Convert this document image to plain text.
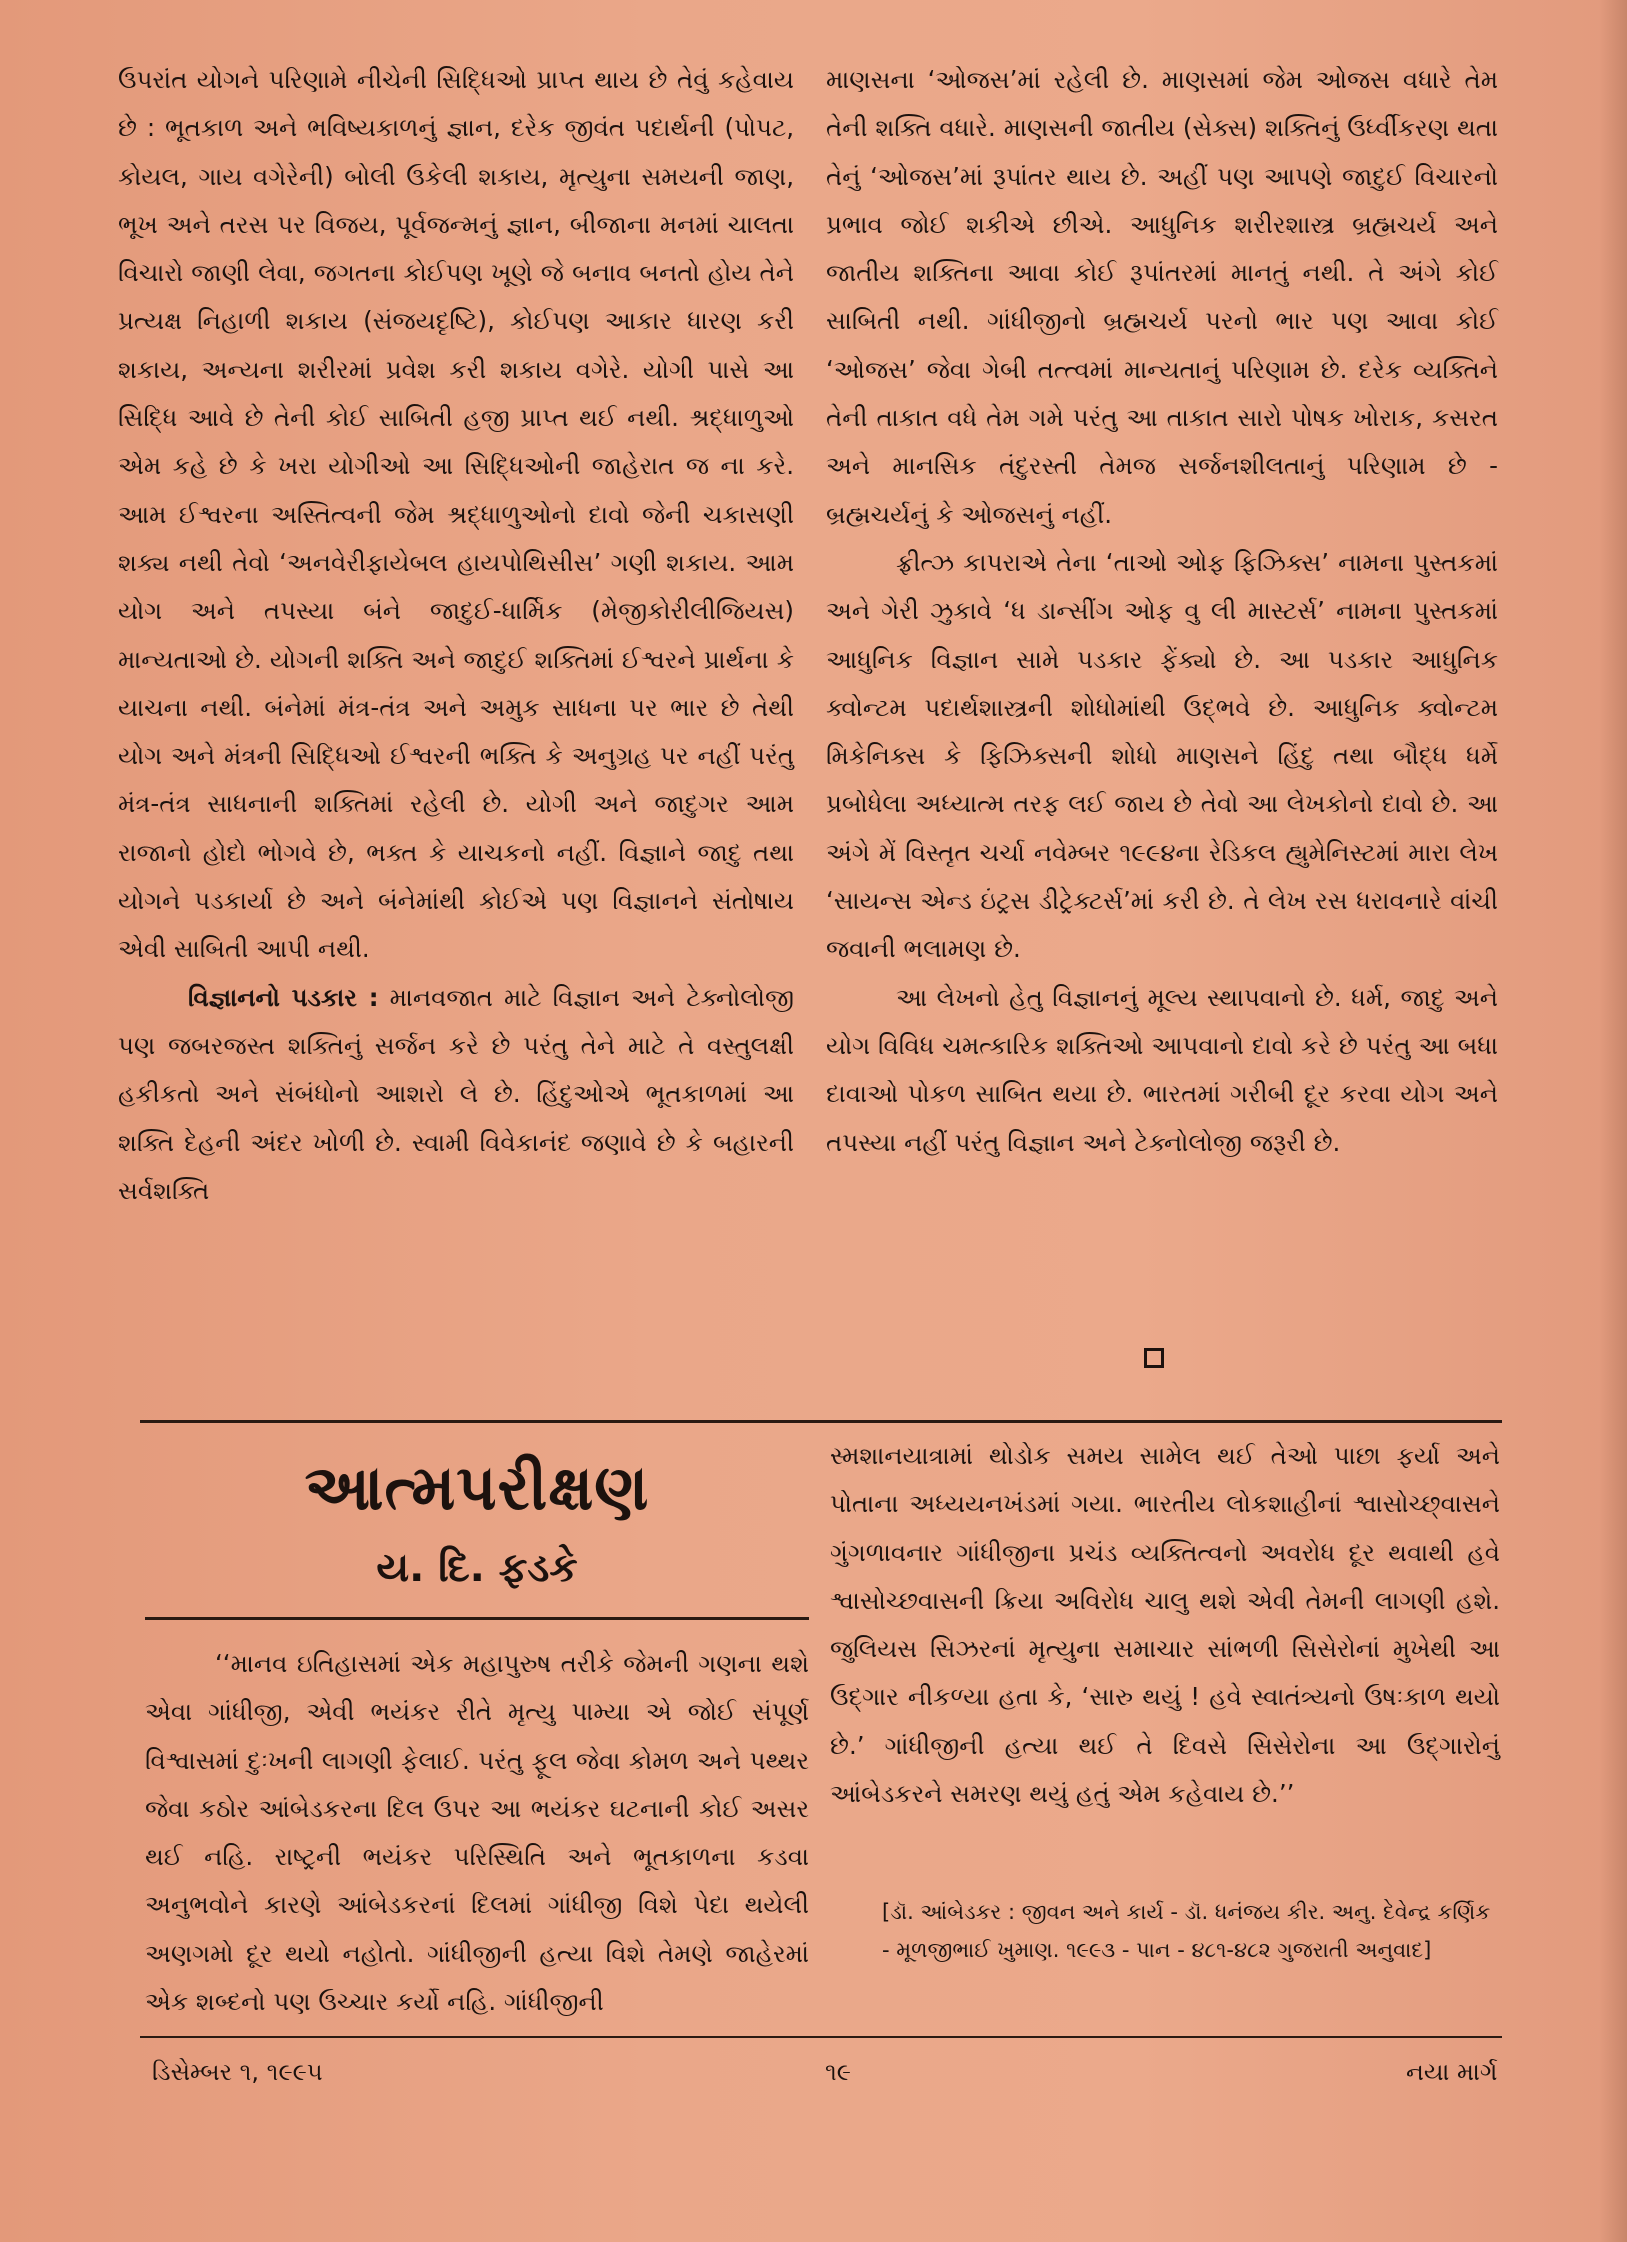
ઉપરાંત યોગને પરિણામે નીચેની સિદ્ધિઓ પ્રાપ્ત થાય છે તેવું કહેવાય છે : ભૂતકાળ અને ભવિષ્યકાળનું જ્ઞાન, દરેક જીવંત પદાર્થની (પોપટ, કોયલ, ગાય વગેરેની) બોલી ઉકેલી શકાય, મૃત્યુના સમયની જાણ, ભૂખ અને તરસ પર વિજય, પૂર્વજન્મનું જ્ઞાન, બીજાના મનમાં ચાલતા વિચારો જાણી લેવા, જગતના કોઈપણ ખૂણે જે બનાવ બનતો હોય તેને પ્રત્યક્ષ નિહાળી શકાય (સંજયદૃષ્ટિ), કોઈપણ આકાર ધારણ કરી શકાય, અન્યના શરીરમાં પ્રવેશ કરી શકાય વગેરે. યોગી પાસે આ સિદ્ધિ આવે છે તેની કોઈ સાબિતી હજી પ્રાપ્ત થઈ નથી. શ્રદ્ધાળુઓ એમ કહે છે કે ખરા યોગીઓ આ સિદ્ધિઓની જાહેરાત જ ના કરે. આમ ઈશ્વરના અસ્તિત્વની જેમ શ્રદ્ધાળુઓનો દાવો જેની ચકાસણી શક્ય નથી તેવો ‘અનવેરીફાયેબલ હાયપોથિસીસ’ ગણી શકાય. આમ યોગ અને તપસ્યા બંને જાદુઈ-ધાર્મિક (મેજીકોરીલીજિયસ) માન્યતાઓ છે. યોગની શક્તિ અને જાદુઈ શક્તિમાં ઈશ્વરને પ્રાર્થના કે યાચના નથી. બંનેમાં મંત્ર-તંત્ર અને અમુક સાધના પર ભાર છે તેથી યોગ અને મંત્રની સિદ્ધિઓ ઈશ્વરની ભક્તિ કે અનુગ્રહ પર નહીં પરંતુ મંત્ર-તંત્ર સાધનાની શક્તિમાં રહેલી છે. યોગી અને જાદુગર આમ રાજાનો હોદો ભોગવે છે, ભક્ત કે યાચકનો નહીં. વિજ્ઞાને જાદુ તથા યોગને પડકાર્યા છે અને બંનેમાંથી કોઈએ પણ વિજ્ઞાનને સંતોષાય એવી સાબિતી આપી નથી.

વિજ્ઞાનનો પડકાર : માનવજાત માટે વિજ્ઞાન અને ટેક્નોલોજી પણ જબરજસ્ત શક્તિનું સર્જન કરે છે પરંતુ તેને માટે તે વસ્તુલક્ષી હકીકતો અને સંબંધોનો આશરો લે છે. હિંદુઓએ ભૂતકાળમાં આ શક્તિ દેહની અંદર ખોળી છે. સ્વામી વિવેકાનંદ જણાવે છે કે બહારની સર્વશક્તિ

માણસના ‘ઓજસ’માં રહેલી છે. માણસમાં જેમ ઓજસ વધારે તેમ તેની શક્તિ વધારે. માણસની જાતીય (સેક્સ) શક્તિનું ઉર્ધ્વીકરણ થતા તેનું ‘ઓજસ’માં રૂપાંતર થાય છે. અહીં પણ આપણે જાદુઈ વિચારનો પ્રભાવ જોઈ શકીએ છીએ. આધુનિક શરીરશાસ્ત્ર બ્રહ્મચર્ય અને જાતીય શક્તિના આવા કોઈ રૂપાંતરમાં માનતું નથી. તે અંગે કોઈ સાબિતી નથી. ગાંધીજીનો બ્રહ્મચર્ય પરનો ભાર પણ આવા કોઈ ‘ઓજસ’ જેવા ગેબી તત્ત્વમાં માન્યતાનું પરિણામ છે. દરેક વ્યક્તિને તેની તાકાત વધે તેમ ગમે પરંતુ આ તાકાત સારો પોષક ખોરાક, કસરત અને માનસિક તંદુરસ્તી તેમજ સર્જનશીલતાનું પરિણામ છે - બ્રહ્મચર્યનું કે ઓજસનું નહીં.

ફ્રીત્ઝ કાપરાએ તેના ‘તાઓ ઓફ ફિઝિક્સ’ નામના પુસ્તકમાં અને ગેરી ઝુકાવે ‘ધ ડાન્સીંગ ઓફ વુ લી માસ્ટર્સ’ નામના પુસ્તકમાં આધુનિક વિજ્ઞાન સામે પડકાર ફેંક્યો છે. આ પડકાર આધુનિક ક્વોન્ટમ પદાર્થશાસ્ત્રની શોધોમાંથી ઉદ્‌ભવે છે. આધુનિક ક્વોન્ટમ મિકેનિક્સ કે ફિઝિક્સની શોધો માણસને હિંદુ તથા બૌદ્ધ ધર્મે પ્રબોધેલા અધ્યાત્મ તરફ લઈ જાય છે તેવો આ લેખકોનો દાવો છે. આ અંગે મેં વિસ્તૃત ચર્ચા નવેમ્બર ૧૯૯૪ના રેડિકલ હ્યુમેનિસ્ટમાં મારા લેખ ‘સાયન્સ એન્ડ ઇંટ્રસ ડીટ્રેક્ટર્સ’માં કરી છે. તે લેખ રસ ધરાવનારે વાંચી જવાની ભલામણ છે.

આ લેખનો હેતુ વિજ્ઞાનનું મૂલ્ય સ્થાપવાનો છે. ધર્મ, જાદુ અને યોગ વિવિધ ચમત્કારિક શક્તિઓ આપવાનો દાવો કરે છે પરંતુ આ બધા દાવાઓ પોકળ સાબિત થયા છે. ભારતમાં ગરીબી દૂર કરવા યોગ અને તપસ્યા નહીં પરંતુ વિજ્ઞાન અને ટેક્નોલોજી જરૂરી છે.

આત્મપરીક્ષણ
ય. દિ. ફડકે

‘‘માનવ ઇતિહાસમાં એક મહાપુરુષ તરીકે જેમની ગણના થશે એવા ગાંધીજી, એવી ભયંકર રીતે મૃત્યુ પામ્યા એ જોઈ સંપૂર્ણ વિશ્વાસમાં દુઃખની લાગણી ફેલાઈ. પરંતુ ફૂલ જેવા કોમળ અને પથ્થર જેવા કઠોર આંબેડકરના દિલ ઉપર આ ભયંકર ઘટનાની કોઈ અસર થઈ નહિ. રાષ્ટ્રની ભયંકર પરિસ્થિતિ અને ભૂતકાળના કડવા અનુભવોને કારણે આંબેડકરનાં દિલમાં ગાંધીજી વિશે પેદા થયેલી અણગમો દૂર થયો નહોતો. ગાંધીજીની હત્યા વિશે તેમણે જાહેરમાં એક શબ્દનો પણ ઉચ્ચાર કર્યો નહિ. ગાંધીજીની

સ્મશાનયાત્રામાં થોડોક સમય સામેલ થઈ તેઓ પાછા ફર્યા અને પોતાના અધ્યયનખંડમાં ગયા. ભારતીય લોકશાહીનાં શ્વાસોચ્છ્‌વાસને ગુંગળાવનાર ગાંધીજીના પ્રચંડ વ્યક્તિત્વનો અવરોધ દૂર થવાથી હવે શ્વાસોચ્છવાસની ક્રિયા અવિરોધ ચાલુ થશે એવી તેમની લાગણી હશે. જુલિયસ સિઝરનાં મૃત્યુના સમાચાર સાંભળી સિસેરોનાં મુખેથી આ ઉદ્‌ગાર નીકળ્યા હતા કે, ‘સારુ થયું ! હવે સ્વાતંત્ર્યનો ઉષઃકાળ થયો છે.’ ગાંધીજીની હત્યા થઈ તે દિવસે સિસેરોના આ ઉદ્‌ગારોનું આંબેડકરને સમરણ થયું હતું એમ કહેવાય છે.’’

[ડૉ. આંબેડકર : જીવન અને કાર્ય - ડૉ. ધનંજય કીર. અનુ. દેવેન્દ્ર કર્ણિક - મૂળજીભાઈ ખુમાણ. ૧૯૯૩ - પાન - ૪૮૧-૪૮૨ ગુજરાતી અનુવાદ]

ડિસેમ્બર ૧, ૧૯૯૫	૧૯	નયા માર્ગ
